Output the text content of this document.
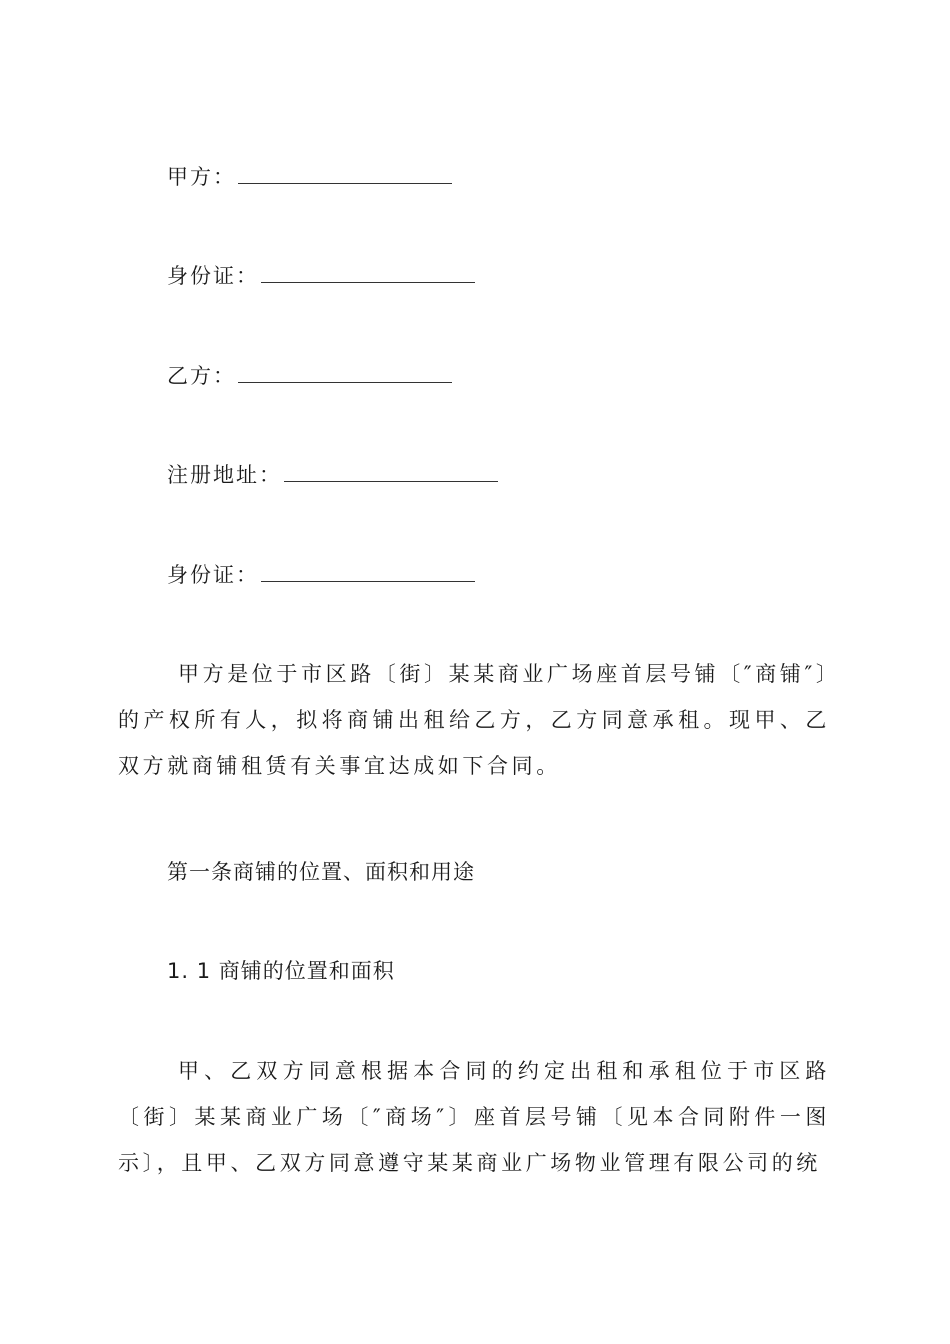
甲方：
身份证：
乙方：
注册地址：
身份证：

甲方是位于市区路〔街〕某某商业广场座首层号铺〔″商铺″〕的产权所有人，拟将商铺出租给乙方，乙方同意承租。现甲、乙双方就商铺租赁有关事宜达成如下合同。

第一条商铺的位置、面积和用途
1. 1 商铺的位置和面积

甲、乙双方同意根据本合同的约定出租和承租位于市区路〔街〕某某商业广场〔″商场″〕座首层号铺〔见本合同附件一图示〕，且甲、乙双方同意遵守某某商业广场物业管理有限公司的统
